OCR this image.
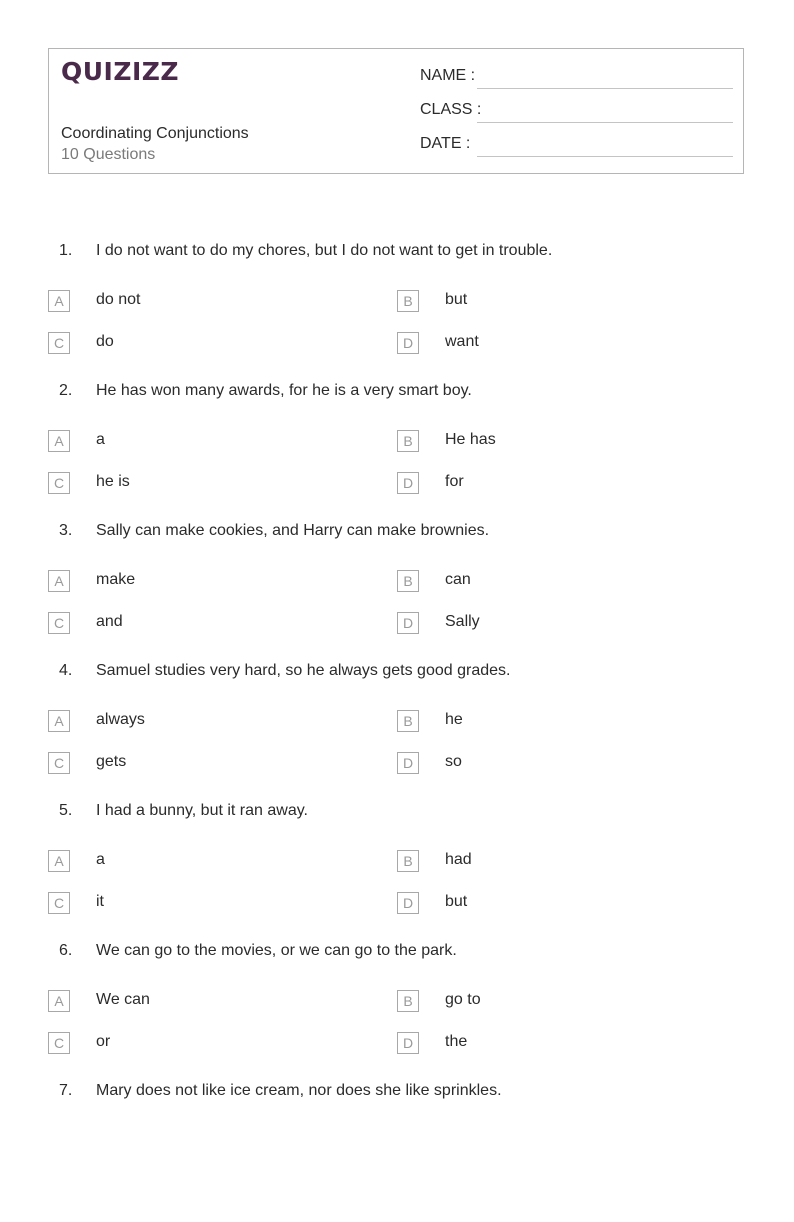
QUIZIZZ
Coordinating Conjunctions
10 Questions
NAME :
CLASS :
DATE :
1. I do not want to do my chores, but I do not want to get in trouble.
A	do not	B	but
C	do	D	want
2. He has won many awards, for he is a very smart boy.
A	a	B	He has
C	he is	D	for
3. Sally can make cookies, and Harry can make brownies.
A	make	B	can
C	and	D	Sally
4. Samuel studies very hard, so he always gets good grades.
A	always	B	he
C	gets	D	so
5. I had a bunny, but it ran away.
A	a	B	had
C	it	D	but
6. We can go to the movies, or we can go to the park.
A	We can	B	go to
C	or	D	the
7. Mary does not like ice cream, nor does she like sprinkles.
